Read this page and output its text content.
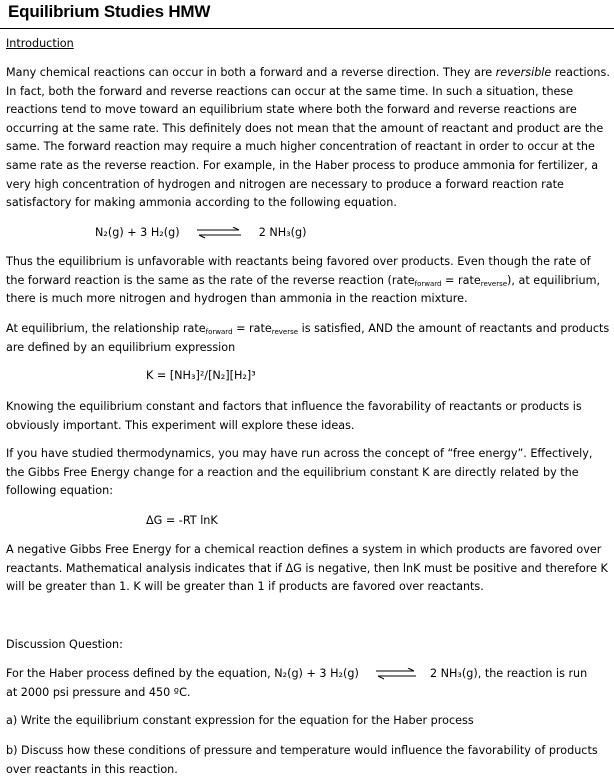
Equilibrium Studies HMW
Introduction

Many chemical reactions can occur in both a forward and a reverse direction. They are reversible reactions. In fact, both the forward and reverse reactions can occur at the same time. In such a situation, these reactions tend to move toward an equilibrium state where both the forward and reverse reactions are occurring at the same rate. This definitely does not mean that the amount of reactant and product are the same. The forward reaction may require a much higher concentration of reactant in order to occur at the same rate as the reverse reaction. For example, in the Haber process to produce ammonia for fertilizer, a very high concentration of hydrogen and nitrogen are necessary to produce a forward reaction rate satisfactory for making ammonia according to the following equation.

N₂(g) + 3 H₂(g)	2 NH₃(g)

Thus the equilibrium is unfavorable with reactants being favored over products. Even though the rate of the forward reaction is the same as the rate of the reverse reaction (rate$_{forward}$ = rate$_{reverse}$), at equilibrium, there is much more nitrogen and hydrogen than ammonia in the reaction mixture.

At equilibrium, the relationship rate$_{forward}$ = rate$_{reverse}$ is satisfied, AND the amount of reactants and products are defined by an equilibrium expression

K = [NH₃]²/[N₂][H₂]³

Knowing the equilibrium constant and factors that influence the favorability of reactants or products is obviously important. This experiment will explore these ideas.

If you have studied thermodynamics, you may have run across the concept of “free energy”. Effectively, the Gibbs Free Energy change for a reaction and the equilibrium constant K are directly related by the following equation:

ΔG = -RT lnK

A negative Gibbs Free Energy for a chemical reaction defines a system in which products are favored over reactants. Mathematical analysis indicates that if ΔG is negative, then lnK must be positive and therefore K will be greater than 1. K will be greater than 1 if products are favored over reactants.

Discussion Question:
For the Haber process defined by the equation, N₂(g) + 3 H₂(g) ⇌ 2 NH₃(g), the reaction is run
at 2000 psi pressure and 450 ºC.
a) Write the equilibrium constant expression for the equation for the Haber process

b) Discuss how these conditions of pressure and temperature would influence the favorability of products over reactants in this reaction.
